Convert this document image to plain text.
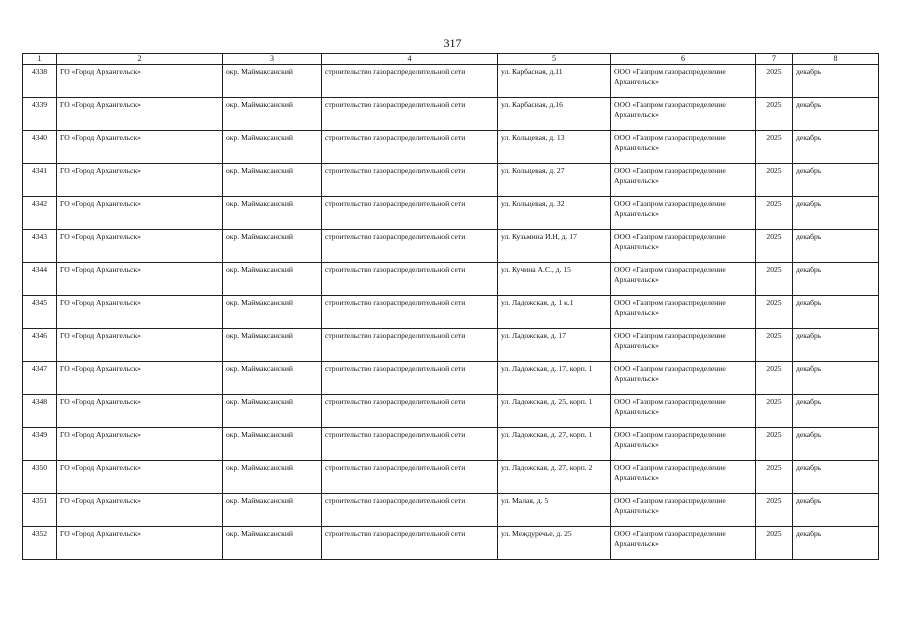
317
1	2	3	4	5	6	7	8
4338	ГО «Город Архангельск»	окр. Маймаксанский	строительство газораспределительной сети	ул. Карбасная, д.11	ООО «Газпром газораспределение Архангельск»	2025	декабрь
4339	ГО «Город Архангельск»	окр. Маймаксанский	строительство газораспределительной сети	ул. Карбасная, д.16	ООО «Газпром газораспределение Архангельск»	2025	декабрь
4340	ГО «Город Архангельск»	окр. Маймаксанский	строительство газораспределительной сети	ул. Кольцевая, д. 13	ООО «Газпром газораспределение Архангельск»	2025	декабрь
4341	ГО «Город Архангельск»	окр. Маймаксанский	строительство газораспределительной сети	ул. Кольцевая, д. 27	ООО «Газпром газораспределение Архангельск»	2025	декабрь
4342	ГО «Город Архангельск»	окр. Маймаксанский	строительство газораспределительной сети	ул. Кольцевая, д. 32	ООО «Газпром газораспределение Архангельск»	2025	декабрь
4343	ГО «Город Архангельск»	окр. Маймаксанский	строительство газораспределительной сети	ул. Кузьмина И.Н, д. 17	ООО «Газпром газораспределение Архангельск»	2025	декабрь
4344	ГО «Город Архангельск»	окр. Маймаксанский	строительство газораспределительной сети	ул. Кучина А.С., д. 15	ООО «Газпром газораспределение Архангельск»	2025	декабрь
4345	ГО «Город Архангельск»	окр. Маймаксанский	строительство газораспределительной сети	ул. Ладожская, д. 1 к.1	ООО «Газпром газораспределение Архангельск»	2025	декабрь
4346	ГО «Город Архангельск»	окр. Маймаксанский	строительство газораспределительной сети	ул. Ладожская, д. 17	ООО «Газпром газораспределение Архангельск»	2025	декабрь
4347	ГО «Город Архангельск»	окр. Маймаксанский	строительство газораспределительной сети	ул. Ладожская, д. 17, корп. 1	ООО «Газпром газораспределение Архангельск»	2025	декабрь
4348	ГО «Город Архангельск»	окр. Маймаксанский	строительство газораспределительной сети	ул. Ладожская, д. 25, корп. 1	ООО «Газпром газораспределение Архангельск»	2025	декабрь
4349	ГО «Город Архангельск»	окр. Маймаксанский	строительство газораспределительной сети	ул. Ладожская, д. 27, корп. 1	ООО «Газпром газораспределение Архангельск»	2025	декабрь
4350	ГО «Город Архангельск»	окр. Маймаксанский	строительство газораспределительной сети	ул. Ладожская, д. 27, корп. 2	ООО «Газпром газораспределение Архангельск»	2025	декабрь
4351	ГО «Город Архангельск»	окр. Маймаксанский	строительство газораспределительной сети	ул. Малая, д. 5	ООО «Газпром газораспределение Архангельск»	2025	декабрь
4352	ГО «Город Архангельск»	окр. Маймаксанский	строительство газораспределительной сети	ул. Междуречье, д. 25	ООО «Газпром газораспределение Архангельск»	2025	декабрь
